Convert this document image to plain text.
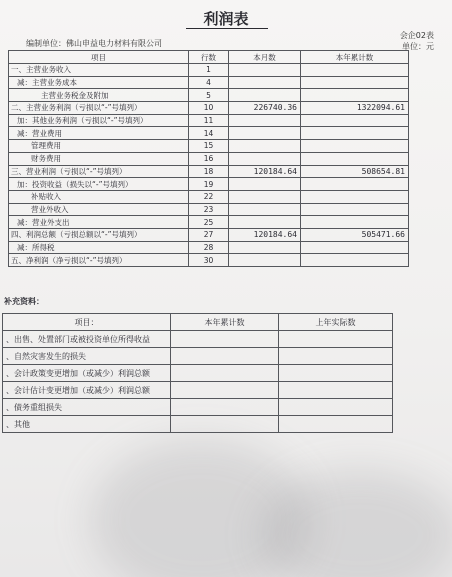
利润表
会企02表
编制单位：佛山申益电力材料有限公司	单位：元
项目	行数	本月数	本年累计数
一、主营业务收入	1		
减：主营业务成本	4		
主营业务税金及附加	5		
二、主营业务利润（亏损以“-”号填列）	10	226740.36	1322094.61
加：其他业务利润（亏损以“-”号填列）	11		
减：营业费用	14		
管理费用	15		
财务费用	16		
三、营业利润（亏损以“-”号填列）	18	120184.64	508654.81
加：投资收益（损失以“-”号填列）	19		
补贴收入	22		
营业外收入	23		
减：营业外支出	25		
四、利润总额（亏损总额以“-”号填列）	27	120184.64	505471.66
减：所得税	28		
五、净利润（净亏损以“-”号填列）	30		
补充资料：
项目：	本年累计数	上年实际数
、出售、处置部门或被投资单位所得收益		
、自然灾害发生的损失		
、会计政策变更增加（或减少）利润总额		
、会计估计变更增加（或减少）利润总额		
、债务重组损失		
、其他		
